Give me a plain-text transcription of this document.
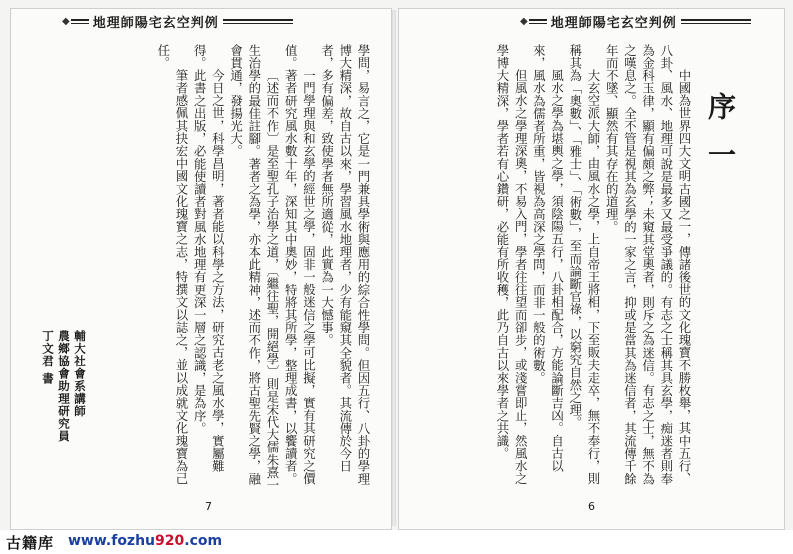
◆	地理師陽宅玄空判例	◆	地理師陽宅玄空判例
序一

中國為世界四大文明古國之一，傳諸後世的文化瑰寶不勝枚舉，其中五行、八卦、風水、地理可說是最多又最受爭議的。有志之士稱其具玄學，痴迷者則奉為金科玉律，顯有偏頗之弊；未窺其堂奧者，則斥之為迷信。有志之士，無不為之嘆息之。全不管是視其為玄學的一家之言，抑或是當其為迷信者，其流傳千餘年而不墜、顯然有其存在的道理。

大玄空派大師，由風水之學，上自帝王將相，下至販夫走卒，無不奉行，則稱其為「奧數」、「雅士」、「術數」，至而論斷官祿，以窮究自然之理。

風水之學為堪輿之學，須陰陽五行，八卦相配合，方能論斷吉凶。自古以來，風水為儒者所重，皆視為高深之學問，而非一般的術數。

但風水之學理深奧，不易入門，學者往往望而卻步，或淺嘗即止，然風水之學博大精深，學者若有心鑽研，必能有所收穫，此乃自古以來學者之共識。

學問，易言之，它是一門兼具學術與應用的綜合性學問。但因五行、八卦的學理博大精深，故自古以來，學習風水地理者，少有能窺其全貌者。其流傳於今日者，多有偏差，致使學者無所適從，此實為一大憾事。

一門學理與和玄學的經世之學，固非一般迷信之學可比擬，實有其研究之價值。著者研究風水數十年，深知其中奧妙，特將其所學，整理成書，以饗讀者。

〔述而不作〕是至聖孔子治學之道，〔繼往聖，開絕學〕則是宋代大儒朱熹一生治學的最佳註腳。著者之為學，亦本此精神，述而不作，將古聖先賢之學，融會貫通，發揚光大。

今日之世，科學昌明，著者能以科學之方法，研究古老之風水學，實屬難得。此書之出版，必能使讀者對風水地理有更深一層之認識，是為序。

筆者感佩其抉宏中國文化瑰寶之志，特撰文以誌之，並以成就文化瑰寶為己任。

輔大社會系講師
農鄉協會助理研究員
丁文君 書
7	6
古籍库 www.fozhu920.com
